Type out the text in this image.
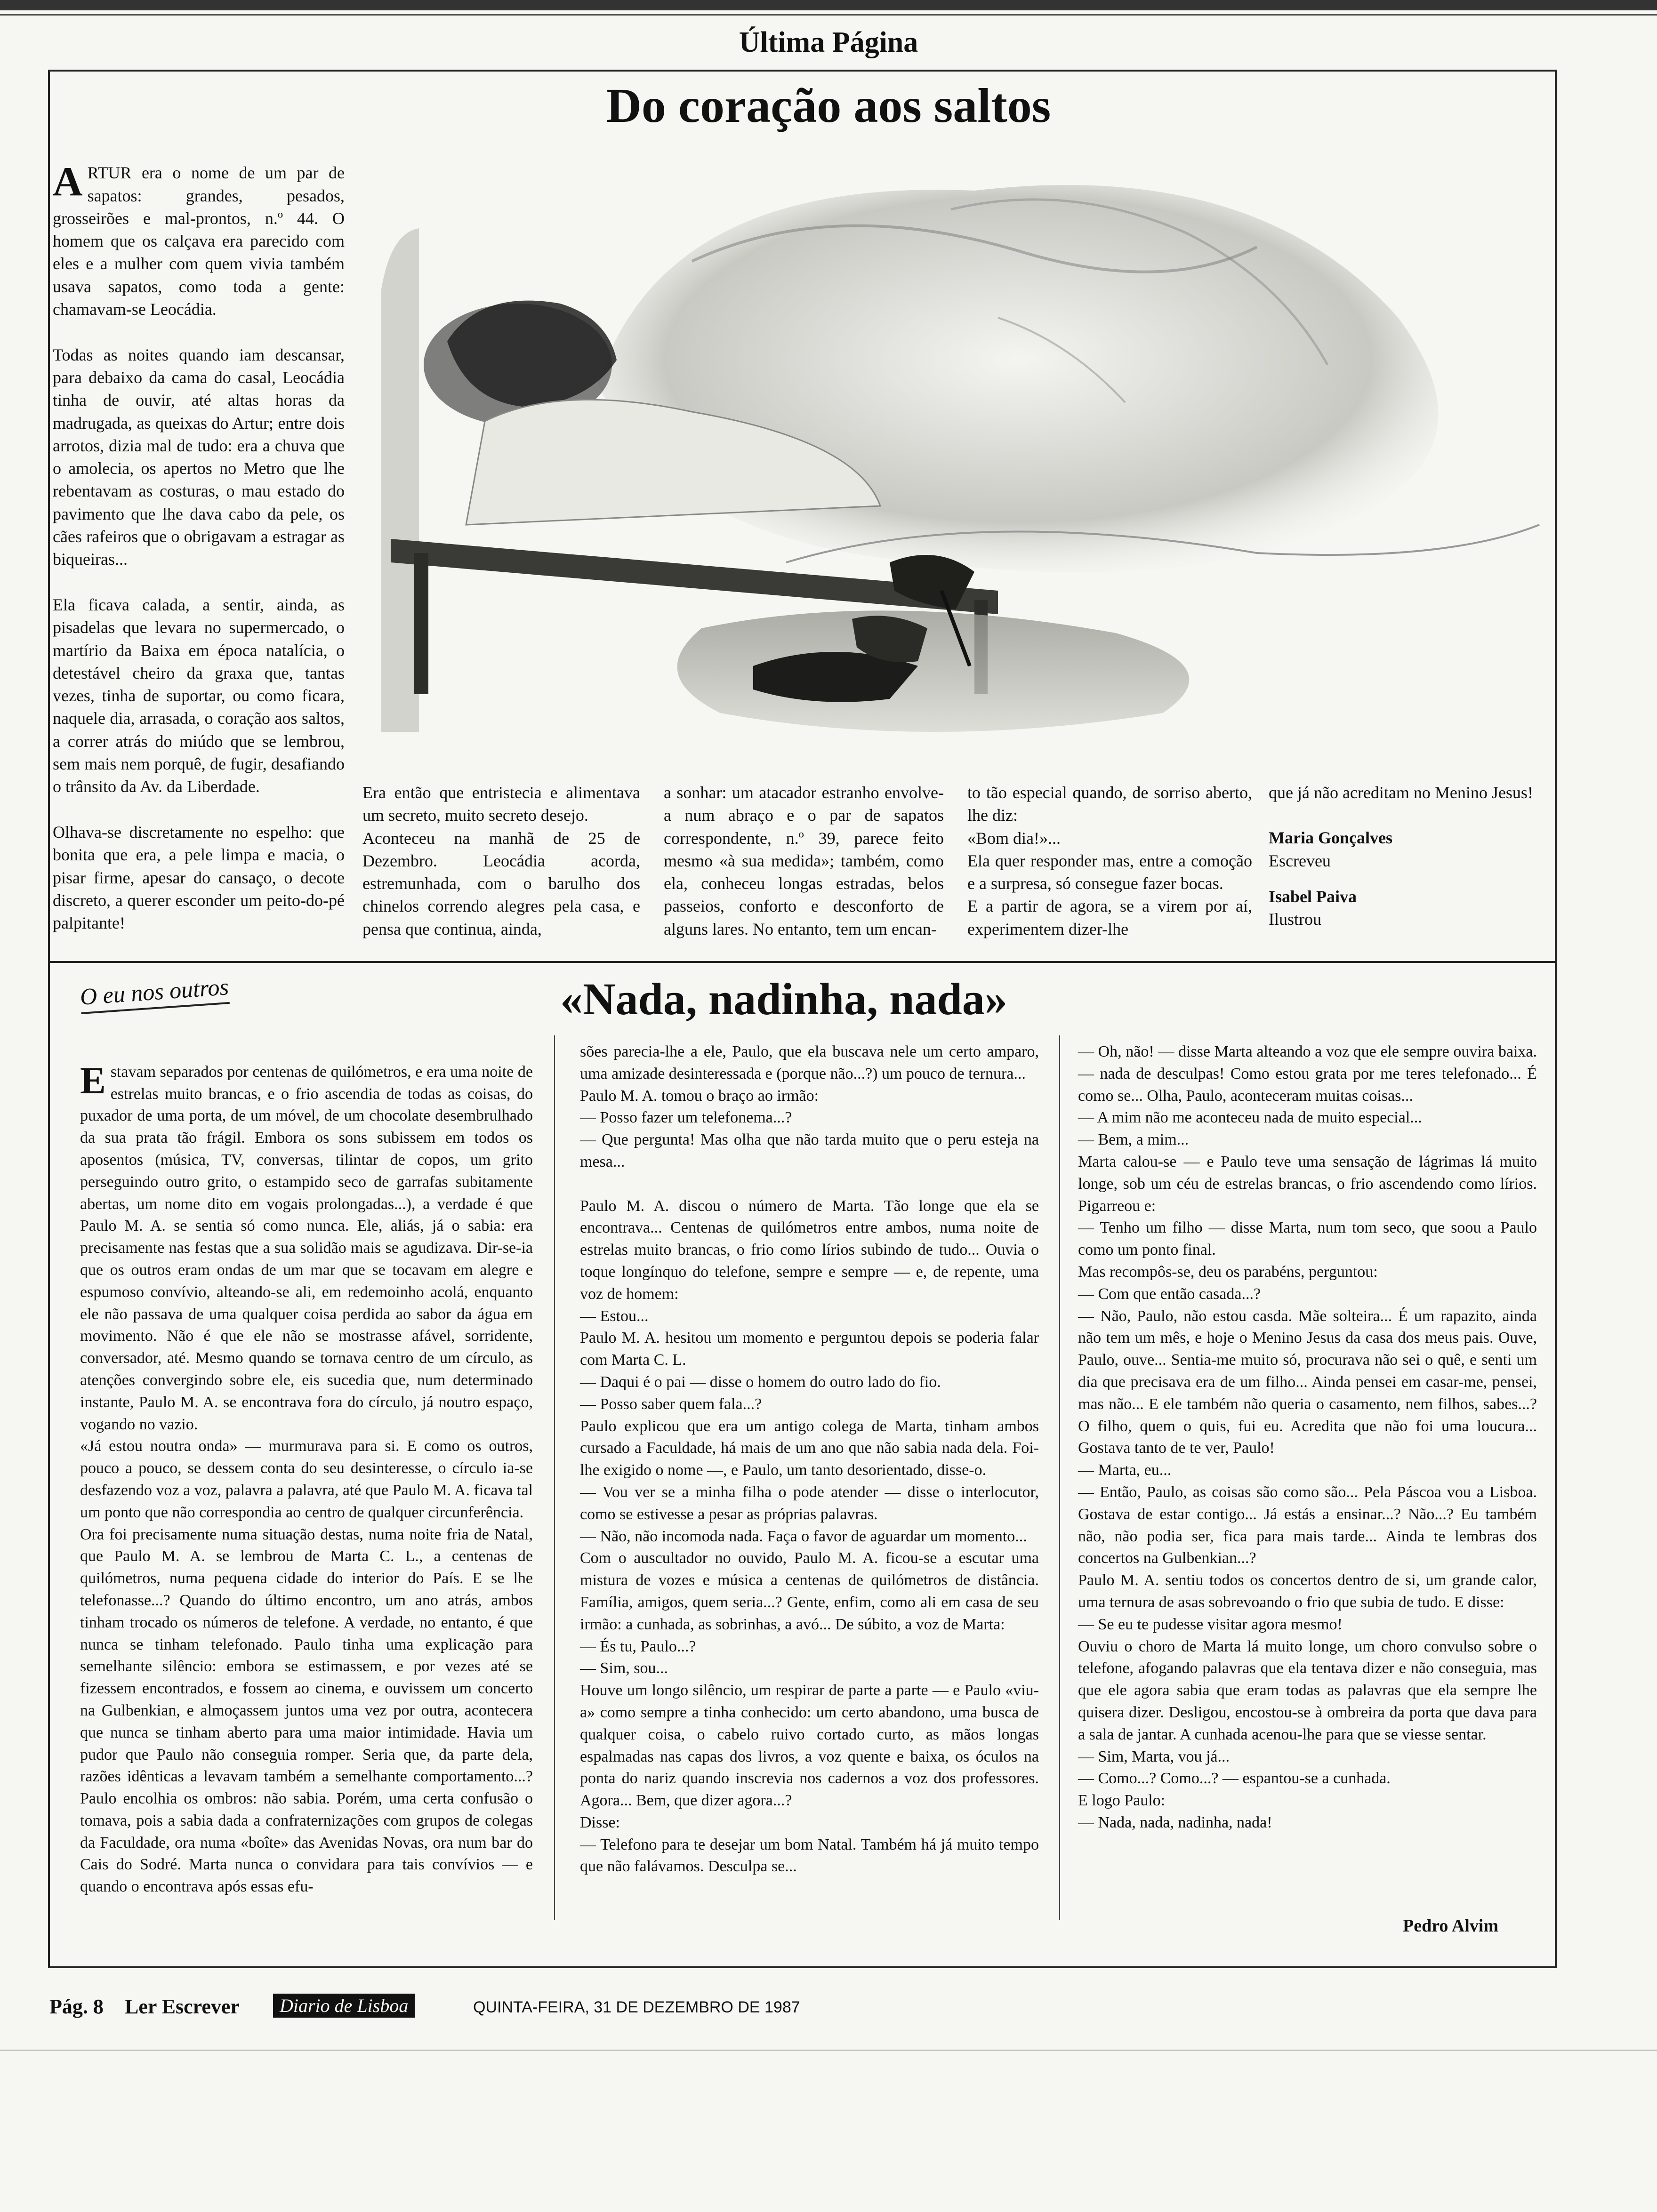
Última Página
Do coração aos saltos

ARTUR era o nome de um par de sapatos: grandes, pesados, grosseirões e mal-prontos, n.º 44. O homem que os calçava era parecido com eles e a mulher com quem vivia também usava sapatos, como toda a gente: chamavam-se Leocádia.

Todas as noites quando iam descansar, para debaixo da cama do casal, Leocádia tinha de ouvir, até altas horas da madrugada, as queixas do Artur; entre dois arrotos, dizia mal de tudo: era a chuva que o amolecia, os apertos no Metro que lhe rebentavam as costuras, o mau estado do pavimento que lhe dava cabo da pele, os cães rafeiros que o obrigavam a estragar as biqueiras...

Ela ficava calada, a sentir, ainda, as pisadelas que levara no supermercado, o martírio da Baixa em época natalícia, o detestável cheiro da graxa que, tantas vezes, tinha de suportar, ou como ficara, naquele dia, arrasada, o coração aos saltos, a correr atrás do miúdo que se lembrou, sem mais nem porquê, de fugir, desafiando o trânsito da Av. da Liberdade.

Olhava-se discretamente no espelho: que bonita que era, a pele limpa e macia, o pisar firme, apesar do cansaço, o decote discreto, a querer esconder um peito-do-pé palpitante!

Era então que entristecia e alimentava um secreto, muito secreto desejo.
Aconteceu na manhã de 25 de Dezembro. Leocádia acorda, estremunhada, com o barulho dos chinelos correndo alegres pela casa, e pensa que continua, ainda,
a sonhar: um atacador estranho envolve-a num abraço e o par de sapatos correspondente, n.º 39, parece feito mesmo «à sua medida»; também, como ela, conheceu longas estradas, belos passeios, conforto e desconforto de alguns lares. No entanto, tem um encan-
to tão especial quando, de sorriso aberto, lhe diz:
«Bom dia!»...
Ela quer responder mas, entre a comoção e a surpresa, só consegue fazer bocas.
E a partir de agora, se a virem por aí, experimentem dizer-lhe
que já não acreditam no Menino Jesus!
Maria Gonçalves
Escreveu
Isabel Paiva
Ilustrou
O eu nos outros	«Nada, nadinha, nada»

Estavam separados por centenas de quilómetros, e era uma noite de estrelas muito brancas, e o frio ascendia de todas as coisas, do puxador de uma porta, de um móvel, de um chocolate desembrulhado da sua prata tão frágil. Embora os sons subissem em todos os aposentos (música, TV, conversas, tilintar de copos, um grito perseguindo outro grito, o estampido seco de garrafas subitamente abertas, um nome dito em vogais prolongadas...), a verdade é que Paulo M. A. se sentia só como nunca. Ele, aliás, já o sabia: era precisamente nas festas que a sua solidão mais se agudizava. Dir-se-ia que os outros eram ondas de um mar que se tocavam em alegre e espumoso convívio, alteando-se ali, em redemoinho acolá, enquanto ele não passava de uma qualquer coisa perdida ao sabor da água em movimento. Não é que ele não se mostrasse afável, sorridente, conversador, até. Mesmo quando se tornava centro de um círculo, as atenções convergindo sobre ele, eis sucedia que, num determinado instante, Paulo M. A. se encontrava fora do círculo, já noutro espaço, vogando no vazio.
«Já estou noutra onda» — murmurava para si. E como os outros, pouco a pouco, se dessem conta do seu desinteresse, o círculo ia-se desfazendo voz a voz, palavra a palavra, até que Paulo M. A. ficava tal um ponto que não correspondia ao centro de qualquer circunferência.
Ora foi precisamente numa situação destas, numa noite fria de Natal, que Paulo M. A. se lembrou de Marta C. L., a centenas de quilómetros, numa pequena cidade do interior do País. E se lhe telefonasse...? Quando do último encontro, um ano atrás, ambos tinham trocado os números de telefone. A verdade, no entanto, é que nunca se tinham telefonado. Paulo tinha uma explicação para semelhante silêncio: embora se estimassem, e por vezes até se fizessem encontrados, e fossem ao cinema, e ouvissem um concerto na Gulbenkian, e almoçassem juntos uma vez por outra, acontecera que nunca se tinham aberto para uma maior intimidade. Havia um pudor que Paulo não conseguia romper. Seria que, da parte dela, razões idênticas a levavam também a semelhante comportamento...? Paulo encolhia os ombros: não sabia. Porém, uma certa confusão o tomava, pois a sabia dada a confraternizações com grupos de colegas da Faculdade, ora numa «boîte» das Avenidas Novas, ora num bar do Cais do Sodré. Marta nunca o convidara para tais convívios — e quando o encontrava após essas efu-

sões parecia-lhe a ele, Paulo, que ela buscava nele um certo amparo, uma amizade desinteressada e (porque não...?) um pouco de ternura...
Paulo M. A. tomou o braço ao irmão:
— Posso fazer um telefonema...?
— Que pergunta! Mas olha que não tarda muito que o peru esteja na mesa...

Paulo M. A. discou o número de Marta. Tão longe que ela se encontrava... Centenas de quilómetros entre ambos, numa noite de estrelas muito brancas, o frio como lírios subindo de tudo... Ouvia o toque longínquo do telefone, sempre e sempre — e, de repente, uma voz de homem:
— Estou...
Paulo M. A. hesitou um momento e perguntou depois se poderia falar com Marta C. L.
— Daqui é o pai — disse o homem do outro lado do fio.
— Posso saber quem fala...?
Paulo explicou que era um antigo colega de Marta, tinham ambos cursado a Faculdade, há mais de um ano que não sabia nada dela. Foi-lhe exigido o nome —, e Paulo, um tanto desorientado, disse-o.
— Vou ver se a minha filha o pode atender — disse o interlocutor, como se estivesse a pesar as próprias palavras.
— Não, não incomoda nada. Faça o favor de aguardar um momento...
Com o auscultador no ouvido, Paulo M. A. ficou-se a escutar uma mistura de vozes e música a centenas de quilómetros de distância. Família, amigos, quem seria...? Gente, enfim, como ali em casa de seu irmão: a cunhada, as sobrinhas, a avó... De súbito, a voz de Marta:
— És tu, Paulo...?
— Sim, sou...
Houve um longo silêncio, um respirar de parte a parte — e Paulo «viu-a» como sempre a tinha conhecido: um certo abandono, uma busca de qualquer coisa, o cabelo ruivo cortado curto, as mãos longas espalmadas nas capas dos livros, a voz quente e baixa, os óculos na ponta do nariz quando inscrevia nos cadernos a voz dos professores. Agora... Bem, que dizer agora...?
Disse:
— Telefono para te desejar um bom Natal. Também há já muito tempo que não falávamos. Desculpa se...
— Oh, não! — disse Marta alteando a voz que ele sempre ouvira baixa. — nada de desculpas! Como estou grata por me teres telefonado... É como se... Olha, Paulo, aconteceram muitas coisas...
— A mim não me aconteceu nada de muito especial...
— Bem, a mim...
Marta calou-se — e Paulo teve uma sensação de lágrimas lá muito longe, sob um céu de estrelas brancas, o frio ascendendo como lírios. Pigarreou e:
— Tenho um filho — disse Marta, num tom seco, que soou a Paulo como um ponto final.
Mas recompôs-se, deu os parabéns, perguntou:
— Com que então casada...?
— Não, Paulo, não estou casda. Mãe solteira... É um rapazito, ainda não tem um mês, e hoje o Menino Jesus da casa dos meus pais. Ouve, Paulo, ouve... Sentia-me muito só, procurava não sei o quê, e senti um dia que precisava era de um filho... Ainda pensei em casar-me, pensei, mas não... E ele também não queria o casamento, nem filhos, sabes...? O filho, quem o quis, fui eu. Acredita que não foi uma loucura... Gostava tanto de te ver, Paulo!
— Marta, eu...
— Então, Paulo, as coisas são como são... Pela Páscoa vou a Lisboa. Gostava de estar contigo... Já estás a ensinar...? Não...? Eu também não, não podia ser, fica para mais tarde... Ainda te lembras dos concertos na Gulbenkian...?
Paulo M. A. sentiu todos os concertos dentro de si, um grande calor, uma ternura de asas sobrevoando o frio que subia de tudo. E disse:
— Se eu te pudesse visitar agora mesmo!
Ouviu o choro de Marta lá muito longe, um choro convulso sobre o telefone, afogando palavras que ela tentava dizer e não conseguia, mas que ele agora sabia que eram todas as palavras que ela sempre lhe quisera dizer. Desligou, encostou-se à ombreira da porta que dava para a sala de jantar. A cunhada acenou-lhe para que se viesse sentar.
— Sim, Marta, vou já...
— Como...? Como...? — espantou-se a cunhada.
E logo Paulo:
— Nada, nada, nadinha, nada!
Pedro Alvim
Pág. 8 Ler Escrever	Diario de Lisboa	QUINTA-FEIRA, 31 DE DEZEMBRO DE 1987
